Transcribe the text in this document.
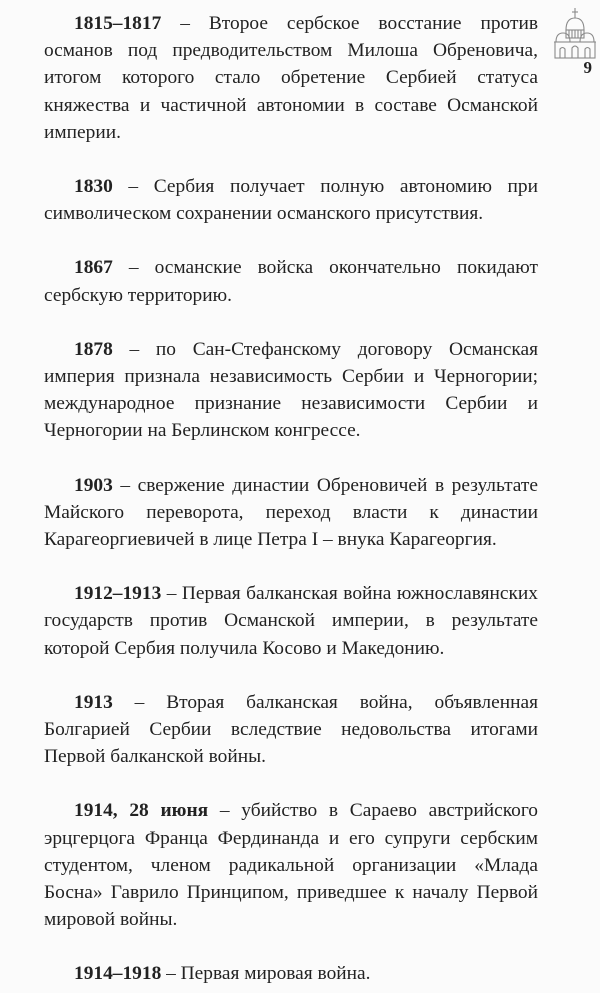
9

1815–1817 – Второе сербское восстание против османов под предводительством Милоша Обреновича, итогом которого стало обретение Сербией статуса княжества и частичной автономии в составе Османской империи.

1830 – Сербия получает полную автономию при символическом сохранении османского присутствия.

1867 – османские войска окончательно покидают сербскую территорию.

1878 – по Сан-Стефанскому договору Османская империя признала независимость Сербии и Черногории; международное признание независимости Сербии и Черногории на Берлинском конгрессе.

1903 – свержение династии Обреновичей в результате Майского переворота, переход власти к династии Карагеоргиевичей в лице Петра I – внука Карагеоргия.

1912–1913 – Первая балканская война южнославянских государств против Османской империи, в результате которой Сербия получила Косово и Македонию.

1913 – Вторая балканская война, объявленная Болгарией Сербии вследствие недовольства итогами Первой балканской войны.

1914, 28 июня – убийство в Сараево австрийского эрцгерцога Франца Фердинанда и его супруги сербским студентом, членом радикальной организации «Млада Босна» Гаврило Принципом, приведшее к началу Первой мировой войны.

1914–1918 – Первая мировая война.
